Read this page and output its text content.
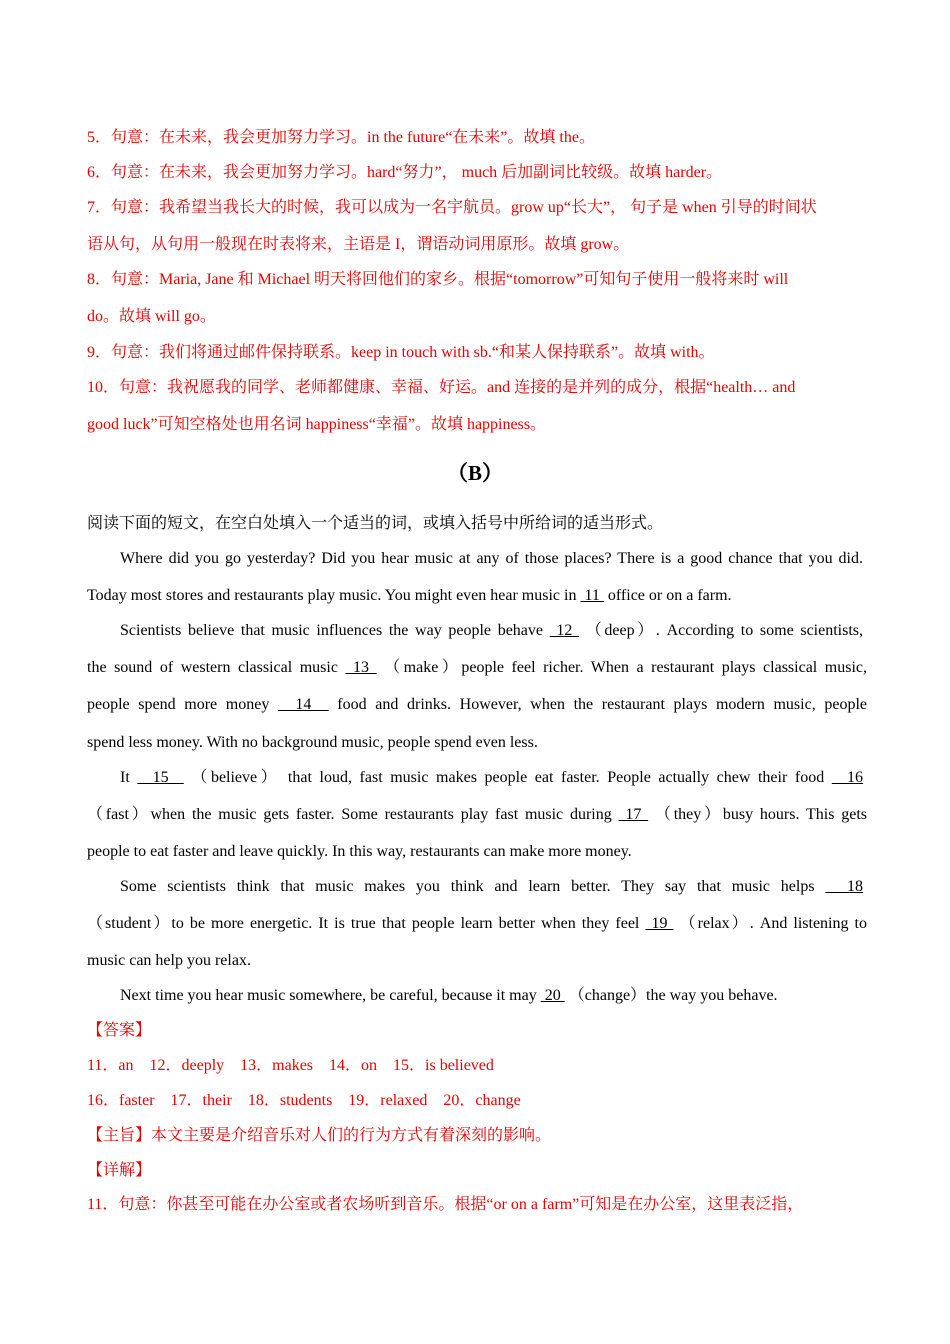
5．句意：在未来，我会更加努力学习。in the future“在未来”。故填 the。
6．句意：在未来，我会更加努力学习。hard“努力”， much 后加副词比较级。故填 harder。
7．句意：我希望当我长大的时候，我可以成为一名宇航员。grow up“长大”， 句子是 when 引导的时间状
语从句，从句用一般现在时表将来，主语是 I，谓语动词用原形。故填 grow。
8．句意：Maria, Jane 和 Michael 明天将回他们的家乡。根据“tomorrow”可知句子使用一般将来时 will
do。故填 will go。
9．句意：我们将通过邮件保持联系。keep in touch with sb.“和某人保持联系”。故填 with。
10．句意：我祝愿我的同学、老师都健康、幸福、好运。and 连接的是并列的成分，根据“health… and
good luck”可知空格处也用名词 happiness“幸福”。故填 happiness。
（B）
阅读下面的短文，在空白处填入一个适当的词，或填入括号中所给词的适当形式。
Where did you go yesterday? Did you hear music at any of those places? There is a good chance that you did.
Today most stores and restaurants play music. You might even hear music in  11  office or on a farm.
Scientists believe that music influences the way people behave  12  （deep）. According to some scientists,
the sound of western classical music  13  （make）people feel richer. When a restaurant plays classical music,
people spend more money   14   food and drinks. However, when the restaurant plays modern music, people
spend less money. With no background music, people spend even less.
It   15   （believe） that loud, fast music makes people eat faster. People actually chew their food   16
（fast）when the music gets faster. Some restaurants play fast music during  17  （they）busy hours. This gets
people to eat faster and leave quickly. In this way, restaurants can make more money.
Some scientists think that music makes you think and learn better. They say that music helps   18
（student）to be more energetic. It is true that people learn better when they feel  19  （relax）. And listening to
music can help you relax.
Next time you hear music somewhere, be careful, because it may  20  （change）the way you behave.
【答案】
11．an    12．deeply    13．makes    14．on    15．is believed
16．faster    17．their    18．students    19．relaxed    20．change
【主旨】本文主要是介绍音乐对人们的行为方式有着深刻的影响。
【详解】
11．句意：你甚至可能在办公室或者农场听到音乐。根据“or on a farm”可知是在办公室，这里表泛指，
